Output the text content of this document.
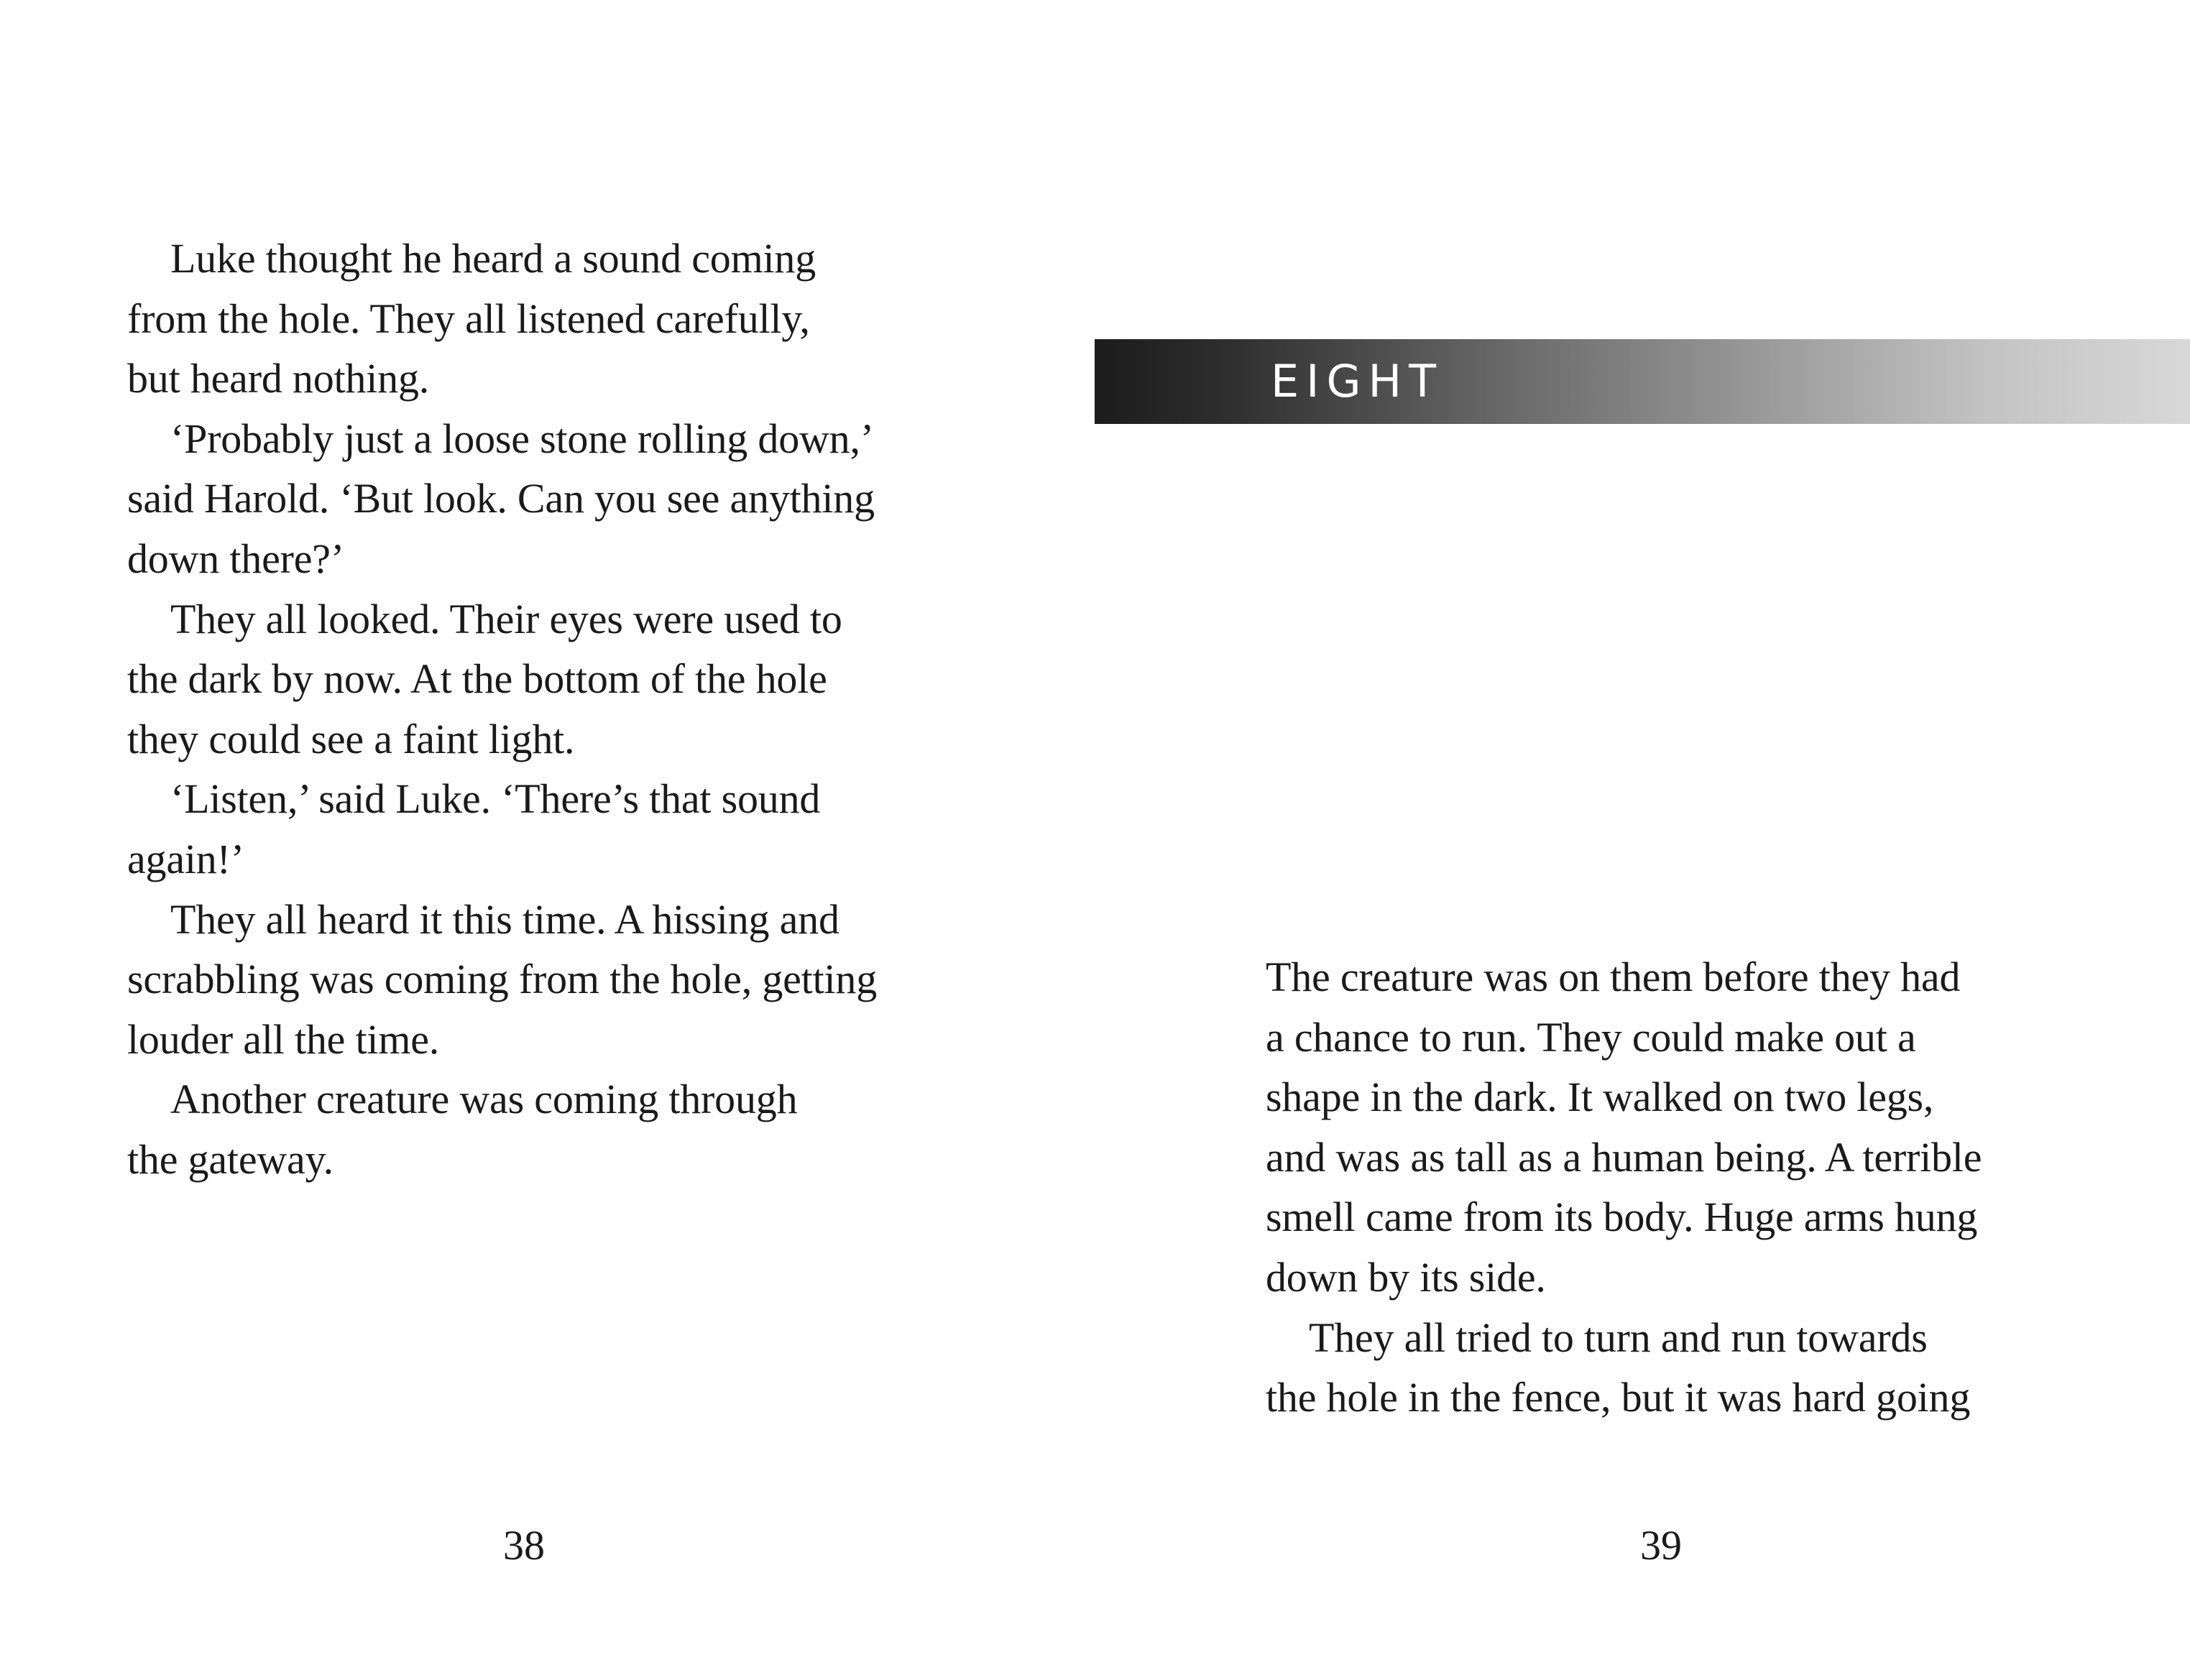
Luke thought he heard a sound coming
from the hole. They all listened carefully,
but heard nothing.
‘Probably just a loose stone rolling down,’
said Harold. ‘But look. Can you see anything
down there?’
They all looked. Their eyes were used to
the dark by now. At the bottom of the hole
they could see a faint light.
‘Listen,’ said Luke. ‘There’s that sound
again!’
They all heard it this time. A hissing and
scrabbling was coming from the hole, getting
louder all the time.
Another creature was coming through
the gateway.
EIGHT
The creature was on them before they had
a chance to run. They could make out a
shape in the dark. It walked on two legs,
and was as tall as a human being. A terrible
smell came from its body. Huge arms hung
down by its side.
They all tried to turn and run towards
the hole in the fence, but it was hard going
38	39
